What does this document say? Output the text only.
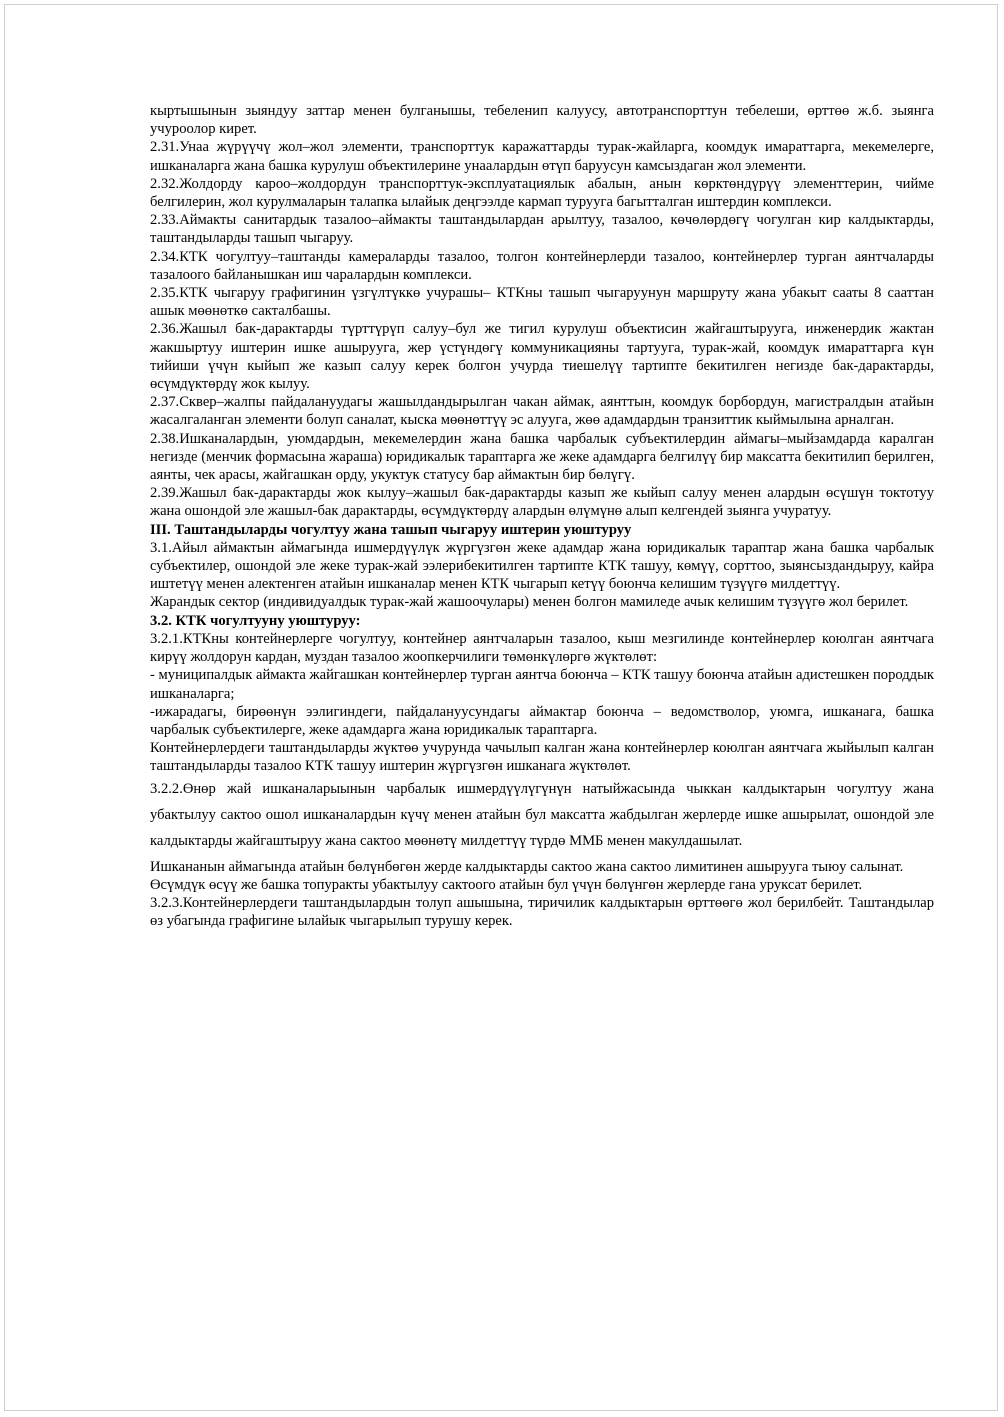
кыртышынын зыяндуу заттар менен булганышы, тебеленип калуусу, автотранспорттун тебелеши, өрттөө ж.б. зыянга учуроолор кирет.

2.31.Унаа жүрүүчү жол–жол элементи, транспорттук каражаттарды турак-жайларга, коомдук имараттарга, мекемелерге, ишканаларга жана башка курулуш объектилерине унаалардын өтүп баруусун камсыздаган жол элементи.

2.32.Жолдорду кароо–жолдордун транспорттук-эксплуатациялык абалын, анын көрктөндүрүү элементтерин, чийме белгилерин, жол курулмаларын талапка ылайык деңгээлде кармап турууга багытталган иштердин комплекси.

2.33.Аймакты санитардык тазалоо–аймакты таштандылардан арылтуу, тазалоо, көчөлөрдөгү чогулган кир калдыктарды, таштандыларды ташып чыгаруу.

2.34.КТК чогултуу–таштанды камераларды тазалоо, толгон контейнерлерди тазалоо, контейнерлер турган аянтчаларды тазалоого байланышкан иш чаралардын комплекси.

2.35.КТК чыгаруу графигинин үзгүлтүккө учурашы– КТКны ташып чыгаруунун маршруту жана убакыт сааты 8 сааттан ашык мөөнөткө сакталбашы.

2.36.Жашыл бак-дарактарды түрттүрүп салуу–бул же тигил курулуш объектисин жайгаштырууга, инженердик жактан жакшыртуу иштерин ишке ашырууга, жер үстүндөгү коммуникацияны тартууга, турак-жай, коомдук имараттарга күн тийиши үчүн кыйып же казып салуу керек болгон учурда тиешелүү тартипте бекитилген негизде бак-дарактарды, өсүмдүктөрдү жок кылуу.

2.37.Сквер–жалпы пайдалануудагы жашылдандырылган чакан аймак, аянттын, коомдук борбордун, магистралдын атайын жасалгаланган элементи болуп саналат, кыска мөөнөттүү эс алууга, жөө адамдардын транзиттик кыймылына арналган.

2.38.Ишканалардын, уюмдардын, мекемелердин жана башка чарбалык субъектилердин аймагы–мыйзамдарда каралган негизде (менчик формасына жараша) юридикалык тараптарга же жеке адамдарга белгилүү бир максатта бекитилип берилген, аянты, чек арасы, жайгашкан орду, укуктук статусу бар аймактын бир бөлүгү.

2.39.Жашыл бак-дарактарды жок кылуу–жашыл бак-дарактарды казып же кыйып салуу менен алардын өсүшүн токтотуу жана ошондой эле жашыл-бак дарактарды, өсүмдүктөрдү алардын өлүмүнө алып келгендей зыянга учуратуу.

III. Таштандыларды чогултуу жана ташып чыгаруу иштерин уюштуруу

3.1.Айыл аймактын аймагында ишмердүүлүк жүргүзгөн жеке адамдар жана юридикалык тараптар жана башка чарбалык субъектилер, ошондой эле жеке турак-жай ээлерибекитилген тартипте КТК ташуу, көмүү, сорттоо, зыянсыздандыруу, кайра иштетүү менен алектенген атайын ишканалар менен КТК чыгарып кетүү боюнча келишим түзүүгө милдеттүү.

Жарандык сектор (индивидуалдык турак-жай жашоочулары) менен болгон мамиледе ачык келишим түзүүгө жол берилет.

3.2. КТК чогултууну уюштуруу:

3.2.1.КТКны контейнерлерге чогултуу, контейнер аянтчаларын тазалоо, кыш мезгилинде контейнерлер коюлган аянтчага кирүү жолдорун кардан, муздан тазалоо жоопкерчилиги төмөнкүлөргө жүктөлөт:

- муниципалдык аймакта жайгашкан контейнерлер турган аянтча боюнча – КТК ташуу боюнча атайын адистешкен породдык ишканаларга;

-ижарадагы, бирөөнүн ээлигиндеги, пайдалануусундагы аймактар боюнча – ведомстволор, уюмга, ишканага, башка чарбалык субъектилерге, жеке адамдарга жана юридикалык тараптарга.

Контейнерлердеги таштандыларды жүктөө учурунда чачылып калган жана контейнерлер коюлган аянтчага жыйылып калган таштандыларды тазалоо КТК ташуу иштерин жүргүзгөн ишканага жүктөлөт.

3.2.2.Өнөр жай ишканаларыынын чарбалык ишмердүүлүгүнүн натыйжасында чыккан калдыктарын чогултуу жана убактылуу сактоо ошол ишканалардын күчү менен атайын бул максатта жабдылган жерлерде ишке ашырылат, ошондой эле калдыктарды жайгаштыруу жана сактоо мөөнөтү милдеттүү түрдө ММБ менен макулдашылат.

Ишкананын аймагында атайын бөлүнбөгөн жерде калдыктарды сактоо жана сактоо лимитинен ашырууга тыюу салынат.

Өсүмдүк өсүү же башка топуракты убактылуу сактоого атайын бул үчүн бөлүнгөн жерлерде гана уруксат берилет.

3.2.3.Контейнерлердеги таштандылардын толуп ашышына, тиричилик калдыктарын өрттөөгө жол берилбейт. Таштандылар өз убагында графигине ылайык чыгарылып турушу керек.
